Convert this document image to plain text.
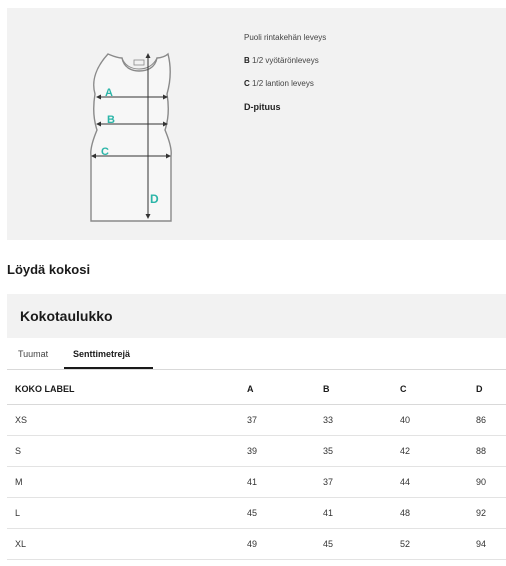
A
B
C
D
Puoli rintakehän leveys
B 1/2 vyötärönleveys
C 1/2 lantion leveys
D-pituus
Löydä kokosi
Kokotaulukko
Tuumat	Senttimetrejä
KOKO LABEL	A	B	C	D
XS	37	33	40	86
S	39	35	42	88
M	41	37	44	90
L	45	41	48	92
XL	49	45	52	94
